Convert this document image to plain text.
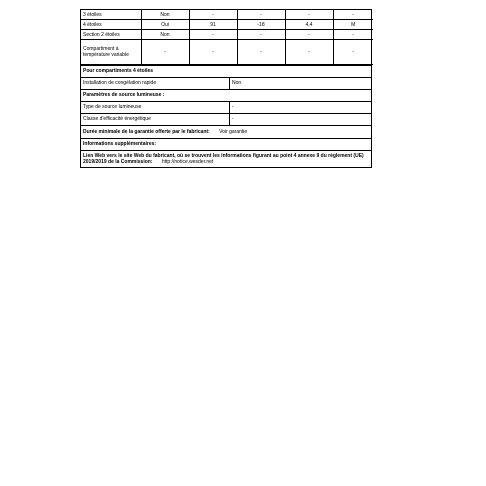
3 étoiles	Non	-	-	-	-
4 étoiles	Oui	91	-18	4,4	M
Section 2 étoiles	Non	-	-	-	-
Compartiment à température variable	-	-	-	-	-
Pour compartiments 4 étoiles
Installation de congélation rapide	Non
Paramètres de source lumineuse :
Type de source lumineuse	-
Classe d'efficacité énergétique	-
Durée minimale de la garantie offerte par le fabricant: Voir garantie
Informations supplémentaires:
Lien Web vers le site Web du fabricant, où se trouvent les informations figurant au point 4 annexe II du règlement (UE) 2019/2019 de la Commission: http://notice.wesder.net
